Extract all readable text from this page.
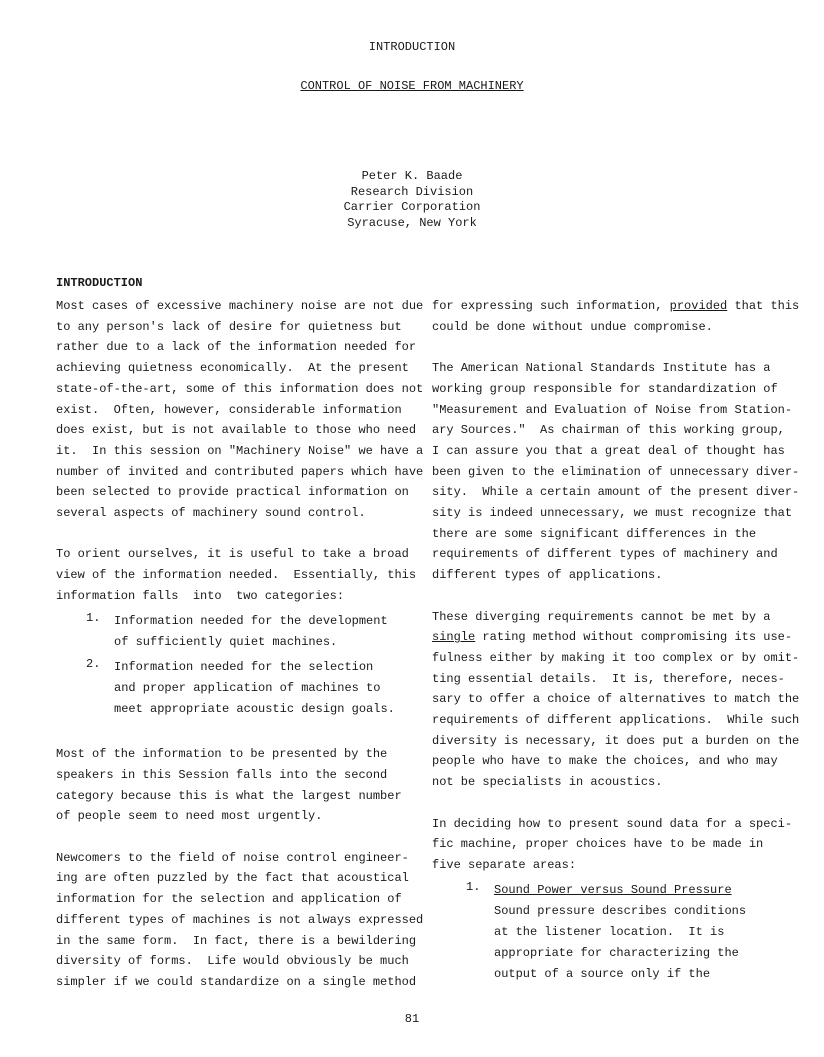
INTRODUCTION
CONTROL OF NOISE FROM MACHINERY
Peter K. Baade
Research Division
Carrier Corporation
Syracuse, New York
INTRODUCTION
Most cases of excessive machinery noise are not due
to any person's lack of desire for quietness but
rather due to a lack of the information needed for
achieving quietness economically.  At the present
state-of-the-art, some of this information does not
exist.  Often, however, considerable information
does exist, but is not available to those who need
it.  In this session on "Machinery Noise" we have a
number of invited and contributed papers which have
been selected to provide practical information on
several aspects of machinery sound control.
To orient ourselves, it is useful to take a broad
view of the information needed.  Essentially, this
information falls  into  two categories:
1.	Information needed for the development
of sufficiently quiet machines.
2.	Information needed for the selection
and proper application of machines to
meet appropriate acoustic design goals.
Most of the information to be presented by the
speakers in this Session falls into the second
category because this is what the largest number
of people seem to need most urgently.
Newcomers to the field of noise control engineer-
ing are often puzzled by the fact that acoustical
information for the selection and application of
different types of machines is not always expressed
in the same form.  In fact, there is a bewildering
diversity of forms.  Life would obviously be much
simpler if we could standardize on a single method
for expressing such information, provided that this
could be done without undue compromise.
The American National Standards Institute has a
working group responsible for standardization of
"Measurement and Evaluation of Noise from Station-
ary Sources."  As chairman of this working group,
I can assure you that a great deal of thought has
been given to the elimination of unnecessary diver-
sity.  While a certain amount of the present diver-
sity is indeed unnecessary, we must recognize that
there are some significant differences in the
requirements of different types of machinery and
different types of applications.
These diverging requirements cannot be met by a
single rating method without compromising its use-
fulness either by making it too complex or by omit-
ting essential details.  It is, therefore, neces-
sary to offer a choice of alternatives to match the
requirements of different applications.  While such
diversity is necessary, it does put a burden on the
people who have to make the choices, and who may
not be specialists in acoustics.
In deciding how to present sound data for a speci-
fic machine, proper choices have to be made in
five separate areas:
1.	Sound Power versus Sound Pressure
Sound pressure describes conditions
at the listener location.  It is
appropriate for characterizing the
output of a source only if the
81
